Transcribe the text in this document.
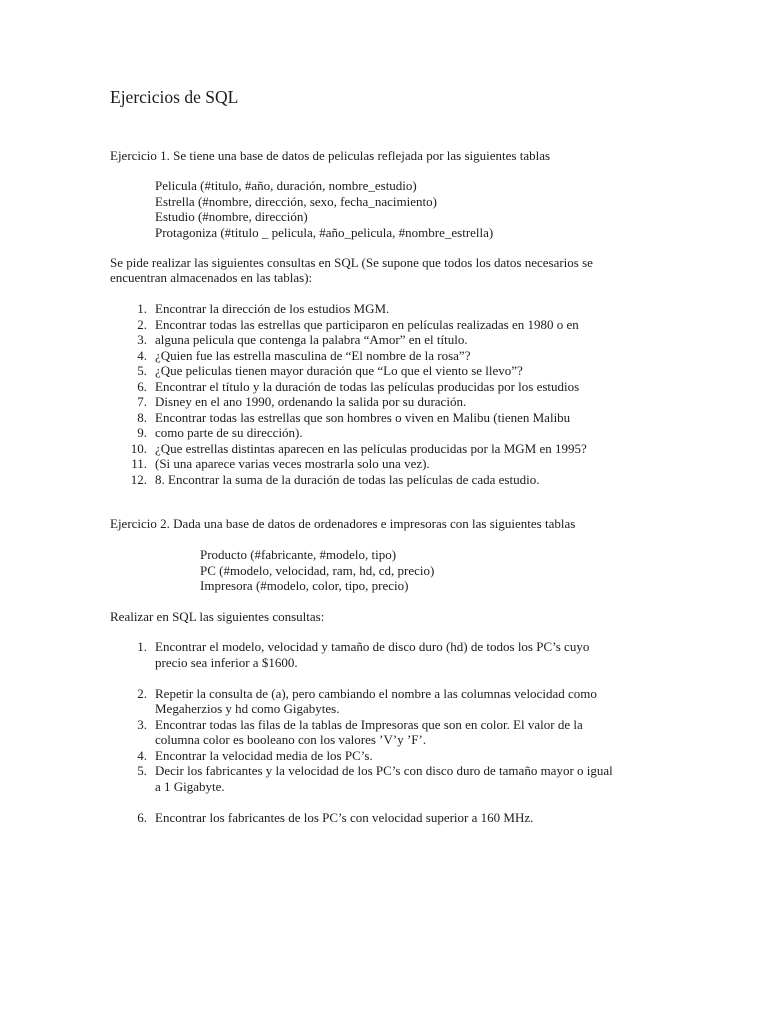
Ejercicios de SQL

Ejercicio 1. Se tiene una base de datos de peliculas reflejada por las siguientes tablas

Pelicula (#titulo, #año, duración, nombre_estudio)
Estrella (#nombre, dirección, sexo, fecha_nacimiento)
Estudio (#nombre, dirección)
Protagoniza (#titulo _ pelicula, #año_pelicula, #nombre_estrella)

Se pide realizar las siguientes consultas en SQL (Se supone que todos los datos necesarios se

encuentran almacenados en las tablas):

1. Encontrar la dirección de los estudios MGM.
2. Encontrar todas las estrellas que participaron en películas realizadas en 1980 o en
3. alguna pelicula que contenga la palabra “Amor” en el título.
4. ¿Quien fue las estrella masculina de “El nombre de la rosa”?
5. ¿Que peliculas tienen mayor duración que “Lo que el viento se llevo”?
6. Encontrar el título y la duración de todas las películas producidas por los estudios
7. Disney en el ano 1990, ordenando la salida por su duración.
8. Encontrar todas las estrellas que son hombres o viven en Malibu (tienen Malibu
9. como parte de su dirección).
10. ¿Que estrellas distintas aparecen en las películas producidas por la MGM en 1995?
11. (Si una aparece varias veces mostrarla solo una vez).
12. 8. Encontrar la suma de la duración de todas las películas de cada estudio.

Ejercicio 2. Dada una base de datos de ordenadores e impresoras con las siguientes tablas

Producto (#fabricante, #modelo, tipo)
PC (#modelo, velocidad, ram, hd, cd, precio)
Impresora (#modelo, color, tipo, precio)

Realizar en SQL las siguientes consultas:

1. Encontrar el modelo, velocidad y tamaño de disco duro (hd) de todos los PC’s cuyo
precio sea inferior a $1600.
2. Repetir la consulta de (a), pero cambiando el nombre a las columnas velocidad como
Megaherzios y hd como Gigabytes.
3. Encontrar todas las filas de la tablas de Impresoras que son en color. El valor de la
columna color es booleano con los valores ’V’y ’F’.
4. Encontrar la velocidad media de los PC’s.
5. Decir los fabricantes y la velocidad de los PC’s con disco duro de tamaño mayor o igual
a 1 Gigabyte.
6. Encontrar los fabricantes de los PC’s con velocidad superior a 160 MHz.
